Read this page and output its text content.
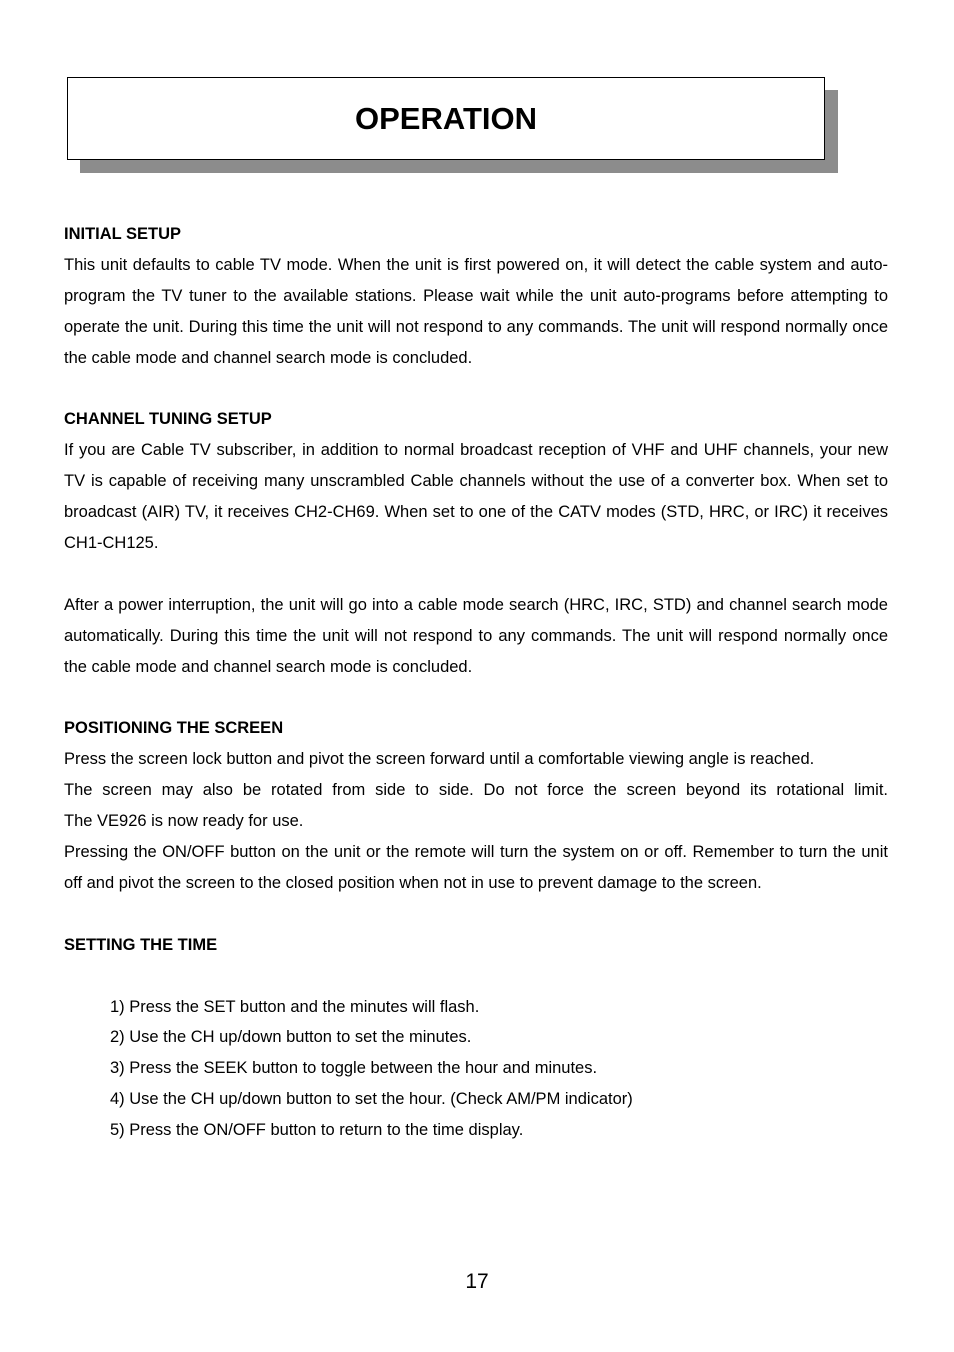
OPERATION

INITIAL SETUP

This unit defaults to cable TV mode. When the unit is first powered on, it will detect the cable system and auto-program the TV tuner to the available stations. Please wait while the unit auto-programs before attempting to operate the unit. During this time the unit will not respond to any commands. The unit will respond normally once the cable mode and channel search mode is concluded.

CHANNEL TUNING SETUP

If you are Cable TV subscriber, in addition to normal broadcast reception of VHF and UHF channels, your new TV is capable of receiving many unscrambled Cable channels without the use of a converter box. When set to broadcast (AIR) TV, it receives CH2-CH69. When set to one of the CATV modes (STD, HRC, or IRC) it receives CH1-CH125.

After a power interruption, the unit will go into a cable mode search (HRC, IRC, STD) and channel search mode automatically. During this time the unit will not respond to any commands. The unit will respond normally once the cable mode and channel search mode is concluded.

POSITIONING THE SCREEN

Press the screen lock button and pivot the screen forward until a comfortable viewing angle is reached.

The screen may also be rotated from side to side. Do not force the screen beyond its rotational limit.

The VE926 is now ready for use.

Pressing the ON/OFF button on the unit or the remote will turn the system on or off. Remember to turn the unit off and pivot the screen to the closed position when not in use to prevent damage to the screen.

SETTING THE TIME

1) Press the SET button and the minutes will flash.
2) Use the CH up/down button to set the minutes.
3) Press the SEEK button to toggle between the hour and minutes.
4) Use the CH up/down button to set the hour. (Check AM/PM indicator)
5) Press the ON/OFF button to return to the time display.
17
